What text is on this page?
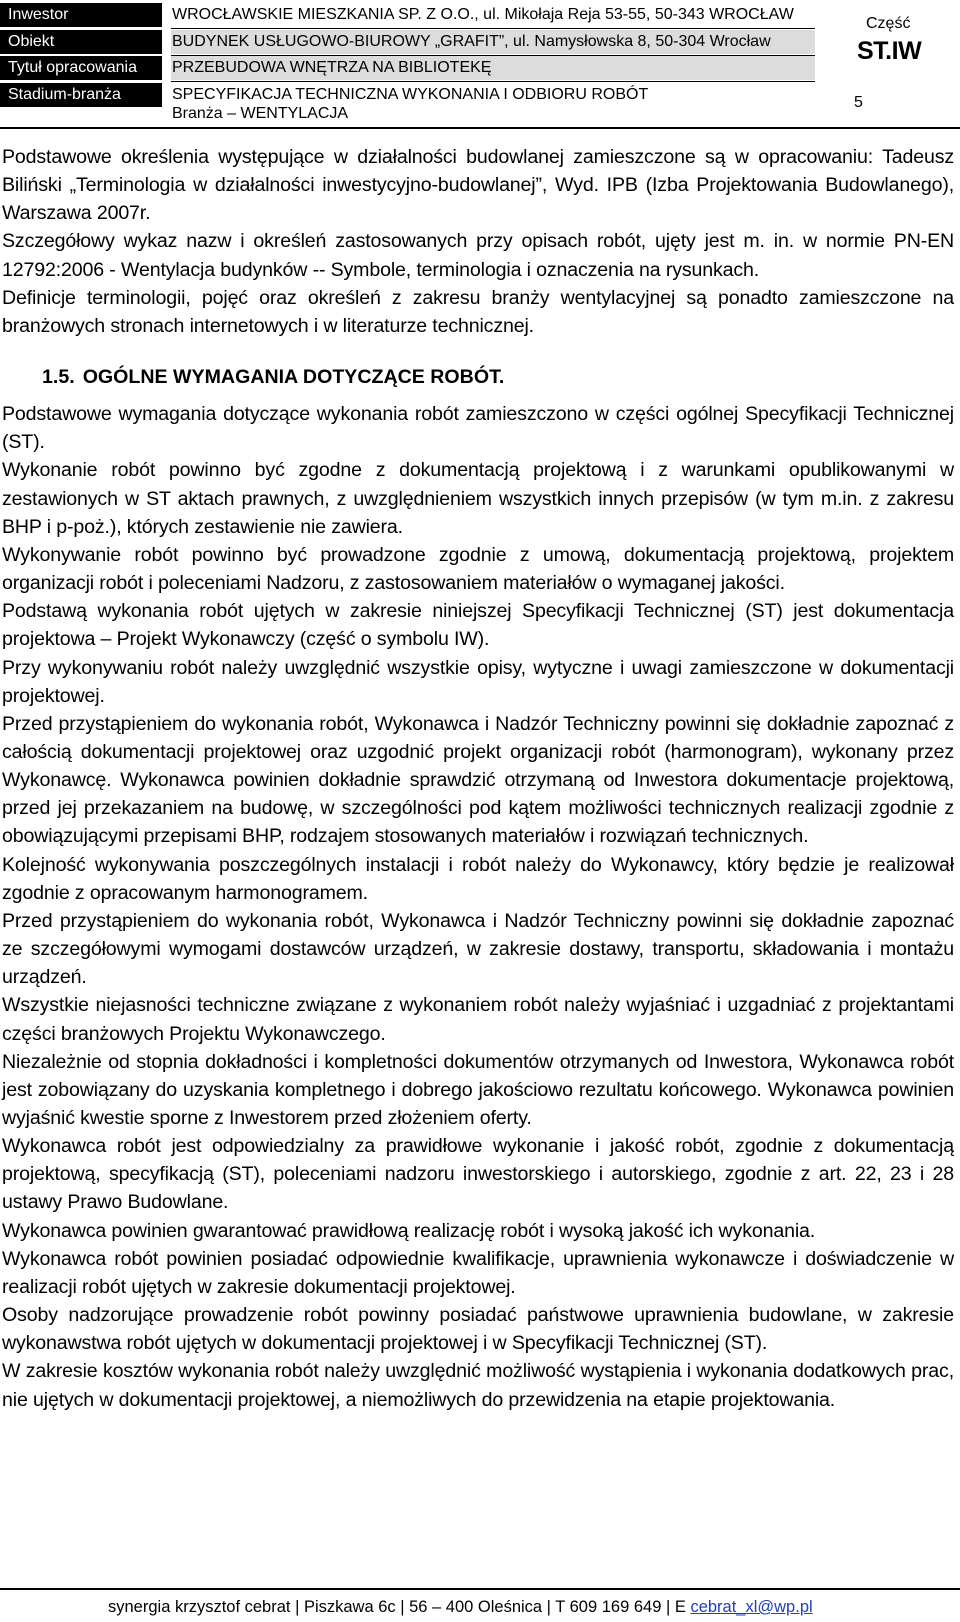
Inwestor	WROCŁAWSKIE MIESZKANIA SP. Z O.O., ul. Mikołaja Reja 53-55, 50-343 WROCŁAW
Obiekt	BUDYNEK USŁUGOWO-BIUROWY „GRAFIT”, ul. Namysłowska 8, 50-304 Wrocław
Tytuł opracowania	PRZEBUDOWA WNĘTRZA NA BIBLIOTEKĘ
Stadium-branża	SPECYFIKACJA TECHNICZNA WYKONANIA I ODBIORU ROBÓT
Branża – WENTYLACJA
Część
ST.IW
5

Podstawowe określenia występujące w działalności budowlanej zamieszczone są w opracowaniu: Tadeusz Biliński „Terminologia w działalności inwestycyjno-budowlanej”, Wyd. IPB (Izba Projektowania Budowlanego), Warszawa 2007r.

Szczegółowy wykaz nazw i określeń zastosowanych przy opisach robót, ujęty jest m. in. w normie PN-EN 12792:2006 - Wentylacja budynków -- Symbole, terminologia i oznaczenia na rysunkach.

Definicje terminologii, pojęć oraz określeń z zakresu branży wentylacyjnej są ponadto zamieszczone na branżowych stronach internetowych i w literaturze technicznej.

1.5. OGÓLNE WYMAGANIA DOTYCZĄCE ROBÓT.

Podstawowe wymagania dotyczące wykonania robót zamieszczono w części ogólnej Specyfikacji Technicznej (ST).

Wykonanie robót powinno być zgodne z dokumentacją projektową i z warunkami opublikowanymi w zestawionych w ST aktach prawnych, z uwzględnieniem wszystkich innych przepisów (w tym m.in. z zakresu BHP i p-poż.), których zestawienie nie zawiera.

Wykonywanie robót powinno być prowadzone zgodnie z umową, dokumentacją projektową, projektem organizacji robót i poleceniami Nadzoru, z zastosowaniem materiałów o wymaganej jakości.

Podstawą wykonania robót ujętych w zakresie niniejszej Specyfikacji Technicznej (ST) jest dokumentacja projektowa – Projekt Wykonawczy (część o symbolu IW).

Przy wykonywaniu robót należy uwzględnić wszystkie opisy, wytyczne i uwagi zamieszczone w dokumentacji projektowej.

Przed przystąpieniem do wykonania robót, Wykonawca i Nadzór Techniczny powinni się dokładnie zapoznać z całością dokumentacji projektowej oraz uzgodnić projekt organizacji robót (harmonogram), wykonany przez Wykonawcę. Wykonawca powinien dokładnie sprawdzić otrzymaną od Inwestora dokumentacje projektową, przed jej przekazaniem na budowę, w szczególności pod kątem możliwości technicznych realizacji zgodnie z obowiązującymi przepisami BHP, rodzajem stosowanych materiałów i rozwiązań technicznych.

Kolejność wykonywania poszczególnych instalacji i robót należy do Wykonawcy, który będzie je realizował zgodnie z opracowanym harmonogramem.

Przed przystąpieniem do wykonania robót, Wykonawca i Nadzór Techniczny powinni się dokładnie zapoznać ze szczegółowymi wymogami dostawców urządzeń, w zakresie dostawy, transportu, składowania i montażu urządzeń.

Wszystkie niejasności techniczne związane z wykonaniem robót należy wyjaśniać i uzgadniać z projektantami części branżowych Projektu Wykonawczego.

Niezależnie od stopnia dokładności i kompletności dokumentów otrzymanych od Inwestora, Wykonawca robót jest zobowiązany do uzyskania kompletnego i dobrego jakościowo rezultatu końcowego. Wykonawca powinien wyjaśnić kwestie sporne z Inwestorem przed złożeniem oferty.

Wykonawca robót jest odpowiedzialny za prawidłowe wykonanie i jakość robót, zgodnie z dokumentacją projektową, specyfikacją (ST), poleceniami nadzoru inwestorskiego i autorskiego, zgodnie z art. 22, 23 i 28 ustawy Prawo Budowlane.

Wykonawca powinien gwarantować prawidłową realizację robót i wysoką jakość ich wykonania.

Wykonawca robót powinien posiadać odpowiednie kwalifikacje, uprawnienia wykonawcze i doświadczenie w realizacji robót ujętych w zakresie dokumentacji projektowej.

Osoby nadzorujące prowadzenie robót powinny posiadać państwowe uprawnienia budowlane, w zakresie wykonawstwa robót ujętych w dokumentacji projektowej i w Specyfikacji Technicznej (ST).

W zakresie kosztów wykonania robót należy uwzględnić możliwość wystąpienia i wykonania dodatkowych prac, nie ujętych w dokumentacji projektowej, a niemożliwych do przewidzenia na etapie projektowania.

synergia krzysztof cebrat | Piszkawa 6c | 56 – 400 Oleśnica | T 609 169 649 | E cebrat_xl@wp.pl
